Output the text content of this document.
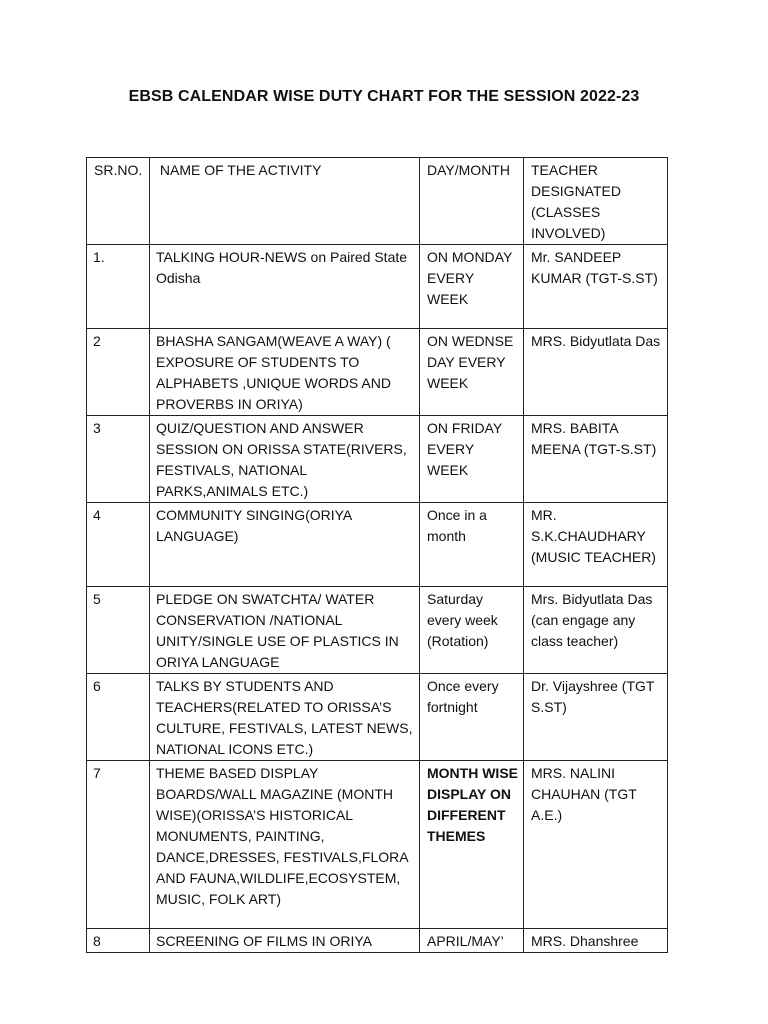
EBSB CALENDAR WISE DUTY CHART FOR THE SESSION 2022-23
SR.NO.	NAME OF THE ACTIVITY	DAY/MONTH	TEACHER DESIGNATED (CLASSES INVOLVED)
1.	TALKING HOUR-NEWS on Paired State Odisha	ON MONDAY EVERY WEEK	Mr. SANDEEP KUMAR (TGT-S.ST)
2	BHASHA SANGAM(WEAVE A WAY) ( EXPOSURE OF STUDENTS TO ALPHABETS ,UNIQUE WORDS AND PROVERBS IN ORIYA)	ON WEDNSEDAY EVERY WEEK	MRS. Bidyutlata Das
3	QUIZ/QUESTION AND ANSWER SESSION ON ORISSA STATE(RIVERS, FESTIVALS, NATIONAL PARKS,ANIMALS ETC.)	ON FRIDAY EVERY WEEK	MRS. BABITA MEENA (TGT-S.ST)
4	COMMUNITY SINGING(ORIYA LANGUAGE)	Once in a month	MR. S.K.CHAUDHARY (MUSIC TEACHER)
5	PLEDGE ON SWATCHTA/ WATER CONSERVATION /NATIONAL UNITY/SINGLE USE OF PLASTICS IN ORIYA LANGUAGE	Saturday every week (Rotation)	Mrs. Bidyutlata Das (can engage any class teacher)
6	TALKS BY STUDENTS AND TEACHERS(RELATED TO ORISSA’S CULTURE, FESTIVALS, LATEST NEWS, NATIONAL ICONS ETC.)	Once every fortnight	Dr. Vijayshree (TGT S.ST)
7	THEME BASED DISPLAY BOARDS/WALL MAGAZINE (MONTH WISE)(ORISSA’S HISTORICAL MONUMENTS, PAINTING, DANCE,DRESSES, FESTIVALS,FLORA AND FAUNA,WILDLIFE,ECOSYSTEM, MUSIC, FOLK ART)	MONTH WISE DISPLAY ON DIFFERENT THEMES	MRS. NALINI CHAUHAN (TGT A.E.)
8	SCREENING OF FILMS IN ORIYA	APRIL/MAY’	MRS. Dhanshree
